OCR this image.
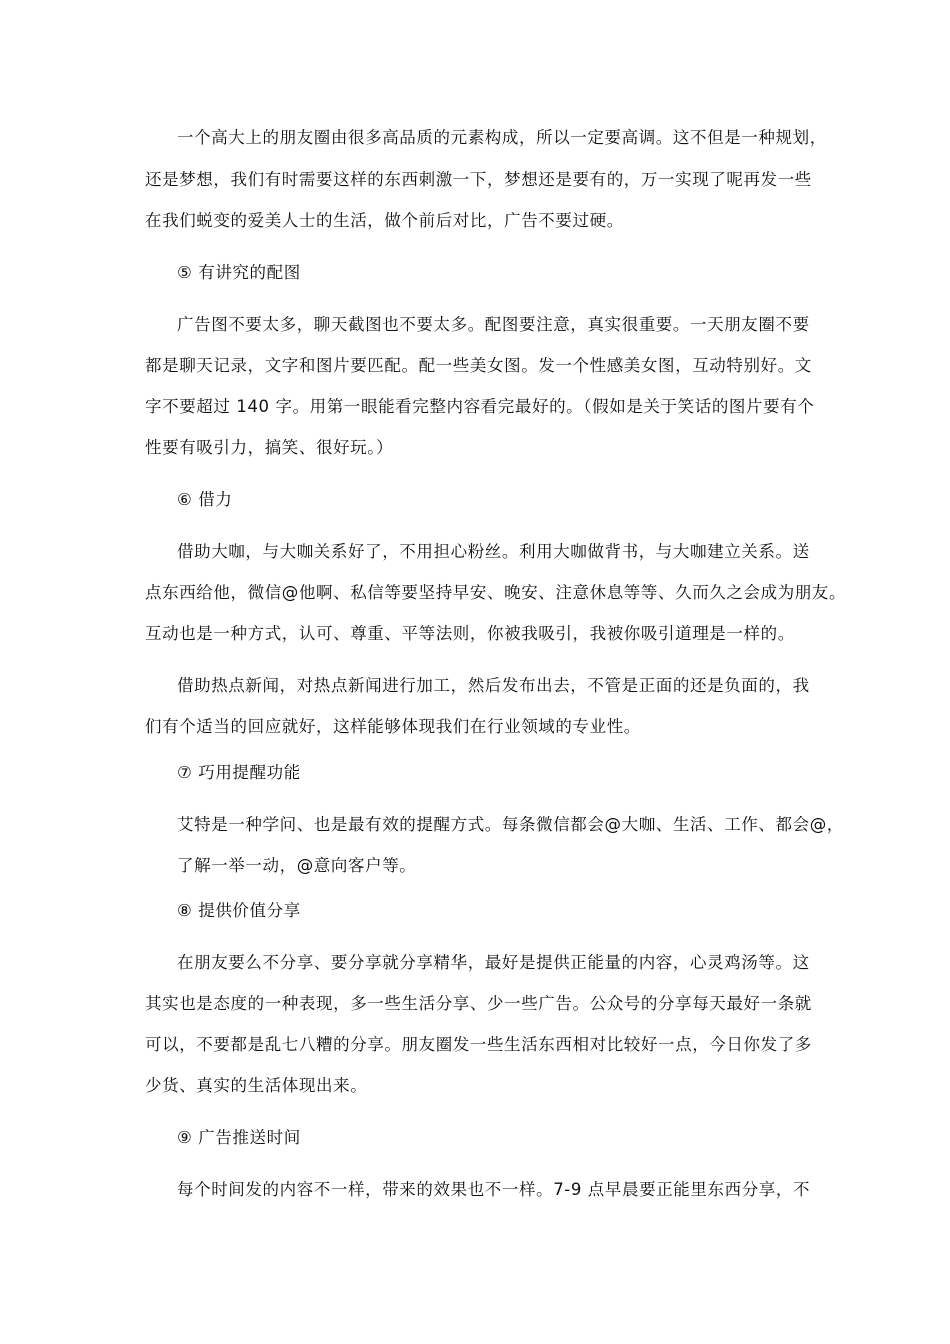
一个高大上的朋友圈由很多高品质的元素构成，所以一定要高调。这不但是一种规划，
还是梦想，我们有时需要这样的东西刺激一下，梦想还是要有的，万一实现了呢再发一些
在我们蜕变的爱美人士的生活，做个前后对比，广告不要过硬。
⑤ 有讲究的配图
广告图不要太多，聊天截图也不要太多。配图要注意，真实很重要。一天朋友圈不要
都是聊天记录，文字和图片要匹配。配一些美女图。发一个性感美女图，互动特别好。文
字不要超过 140 字。用第一眼能看完整内容看完最好的。（假如是关于笑话的图片要有个
性要有吸引力，搞笑、很好玩。）
⑥ 借力
借助大咖，与大咖关系好了，不用担心粉丝。利用大咖做背书，与大咖建立关系。送
点东西给他，微信@他啊、私信等要坚持早安、晚安、注意休息等等、久而久之会成为朋友。
互动也是一种方式，认可、尊重、平等法则，你被我吸引，我被你吸引道理是一样的。
借助热点新闻，对热点新闻进行加工，然后发布出去，不管是正面的还是负面的，我
们有个适当的回应就好，这样能够体现我们在行业领域的专业性。
⑦ 巧用提醒功能
艾特是一种学问、也是最有效的提醒方式。每条微信都会@大咖、生活、工作、都会@，
了解一举一动，@意向客户等。
⑧ 提供价值分享
在朋友要么不分享、要分享就分享精华，最好是提供正能量的内容，心灵鸡汤等。这
其实也是态度的一种表现，多一些生活分享、少一些广告。公众号的分享每天最好一条就
可以，不要都是乱七八糟的分享。朋友圈发一些生活东西相对比较好一点，今日你发了多
少货、真实的生活体现出来。
⑨ 广告推送时间
每个时间发的内容不一样，带来的效果也不一样。7-9 点早晨要正能里东西分享，不
